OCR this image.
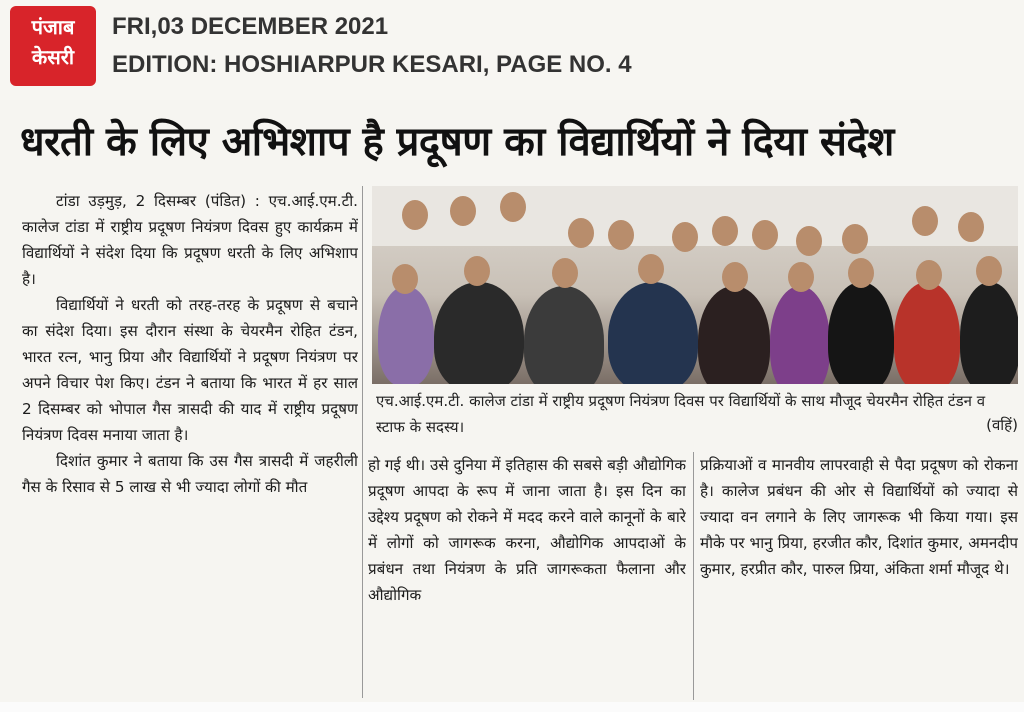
पंजाब
केसरी
FRI,03 DECEMBER 2021
EDITION: HOSHIARPUR KESARI, PAGE NO. 4
धरती के लिए अभिशाप है प्रदूषण का विद्यार्थियों ने दिया संदेश

टांडा उड़मुड़, 2 दिसम्बर (पंडित) : एच.आई.एम.टी. कालेज टांडा में राष्ट्रीय प्रदूषण नियंत्रण दिवस हुए कार्यक्रम में विद्यार्थियों ने संदेश दिया कि प्रदूषण धरती के लिए अभिशाप है।

विद्यार्थियों ने धरती को तरह-तरह के प्रदूषण से बचाने का संदेश दिया। इस दौरान संस्था के चेयरमैन रोहित टंडन, भारत रत्न, भानु प्रिया और विद्यार्थियों ने प्रदूषण नियंत्रण पर अपने विचार पेश किए। टंडन ने बताया कि भारत में हर साल 2 दिसम्बर को भोपाल गैस त्रासदी की याद में राष्ट्रीय प्रदूषण नियंत्रण दिवस मनाया जाता है।

दिशांत कुमार ने बताया कि उस गैस त्रासदी में जहरीली गैस के रिसाव से 5 लाख से भी ज्यादा लोगों की मौत

एच.आई.एम.टी. कालेज टांडा में राष्ट्रीय प्रदूषण नियंत्रण दिवस पर विद्यार्थियों के साथ मौजूद चेयरमैन रोहित टंडन व स्टाफ के सदस्य।	(वहिं)

हो गई थी। उसे दुनिया में इतिहास की सबसे बड़ी औद्योगिक प्रदूषण आपदा के रूप में जाना जाता है। इस दिन का उद्देश्य प्रदूषण को रोकने में मदद करने वाले कानूनों के बारे में लोगों को जागरूक करना, औद्योगिक आपदाओं के प्रबंधन तथा नियंत्रण के प्रति जागरूकता फैलाना और औद्योगिक

प्रक्रियाओं व मानवीय लापरवाही से पैदा प्रदूषण को रोकना है। कालेज प्रबंधन की ओर से विद्यार्थियों को ज्यादा से ज्यादा वन लगाने के लिए जागरूक भी किया गया। इस मौके पर भानु प्रिया, हरजीत कौर, दिशांत कुमार, अमनदीप कुमार, हरप्रीत कौर, पारुल प्रिया, अंकिता शर्मा मौजूद थे।
